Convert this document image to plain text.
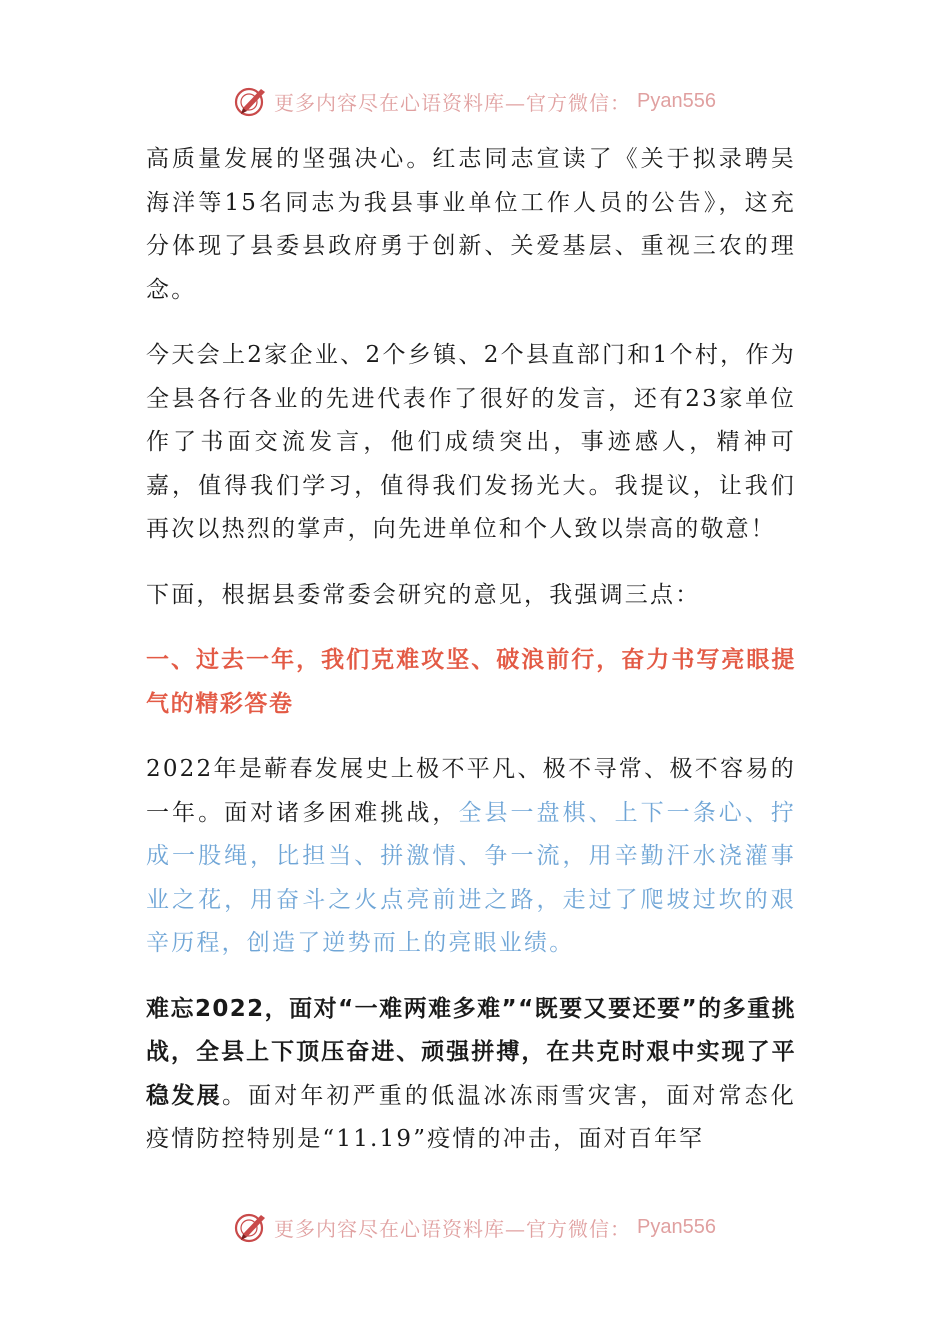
更多内容尽在心语资料库—官方微信： Pyan556

高质量发展的坚强决心。红志同志宣读了《关于拟录聘吴海洋等15名同志为我县事业单位工作人员的公告》，这充分体现了县委县政府勇于创新、关爱基层、重视三农的理念。

今天会上2家企业、2个乡镇、2个县直部门和1个村，作为全县各行各业的先进代表作了很好的发言，还有23家单位作了书面交流发言，他们成绩突出，事迹感人，精神可嘉，值得我们学习，值得我们发扬光大。我提议，让我们再次以热烈的掌声，向先进单位和个人致以崇高的敬意！

下面，根据县委常委会研究的意见，我强调三点：

一、过去一年，我们克难攻坚、破浪前行，奋力书写亮眼提气的精彩答卷

2022年是蕲春发展史上极不平凡、极不寻常、极不容易的一年。面对诸多困难挑战，全县一盘棋、上下一条心、拧成一股绳，比担当、拼激情、争一流，用辛勤汗水浇灌事业之花，用奋斗之火点亮前进之路，走过了爬坡过坎的艰辛历程，创造了逆势而上的亮眼业绩。

难忘2022，面对“一难两难多难”“既要又要还要”的多重挑战，全县上下顶压奋进、顽强拼搏，在共克时艰中实现了平稳发展。面对年初严重的低温冰冻雨雪灾害，面对常态化疫情防控特别是“11.19”疫情的冲击，面对百年罕

更多内容尽在心语资料库—官方微信： Pyan556
